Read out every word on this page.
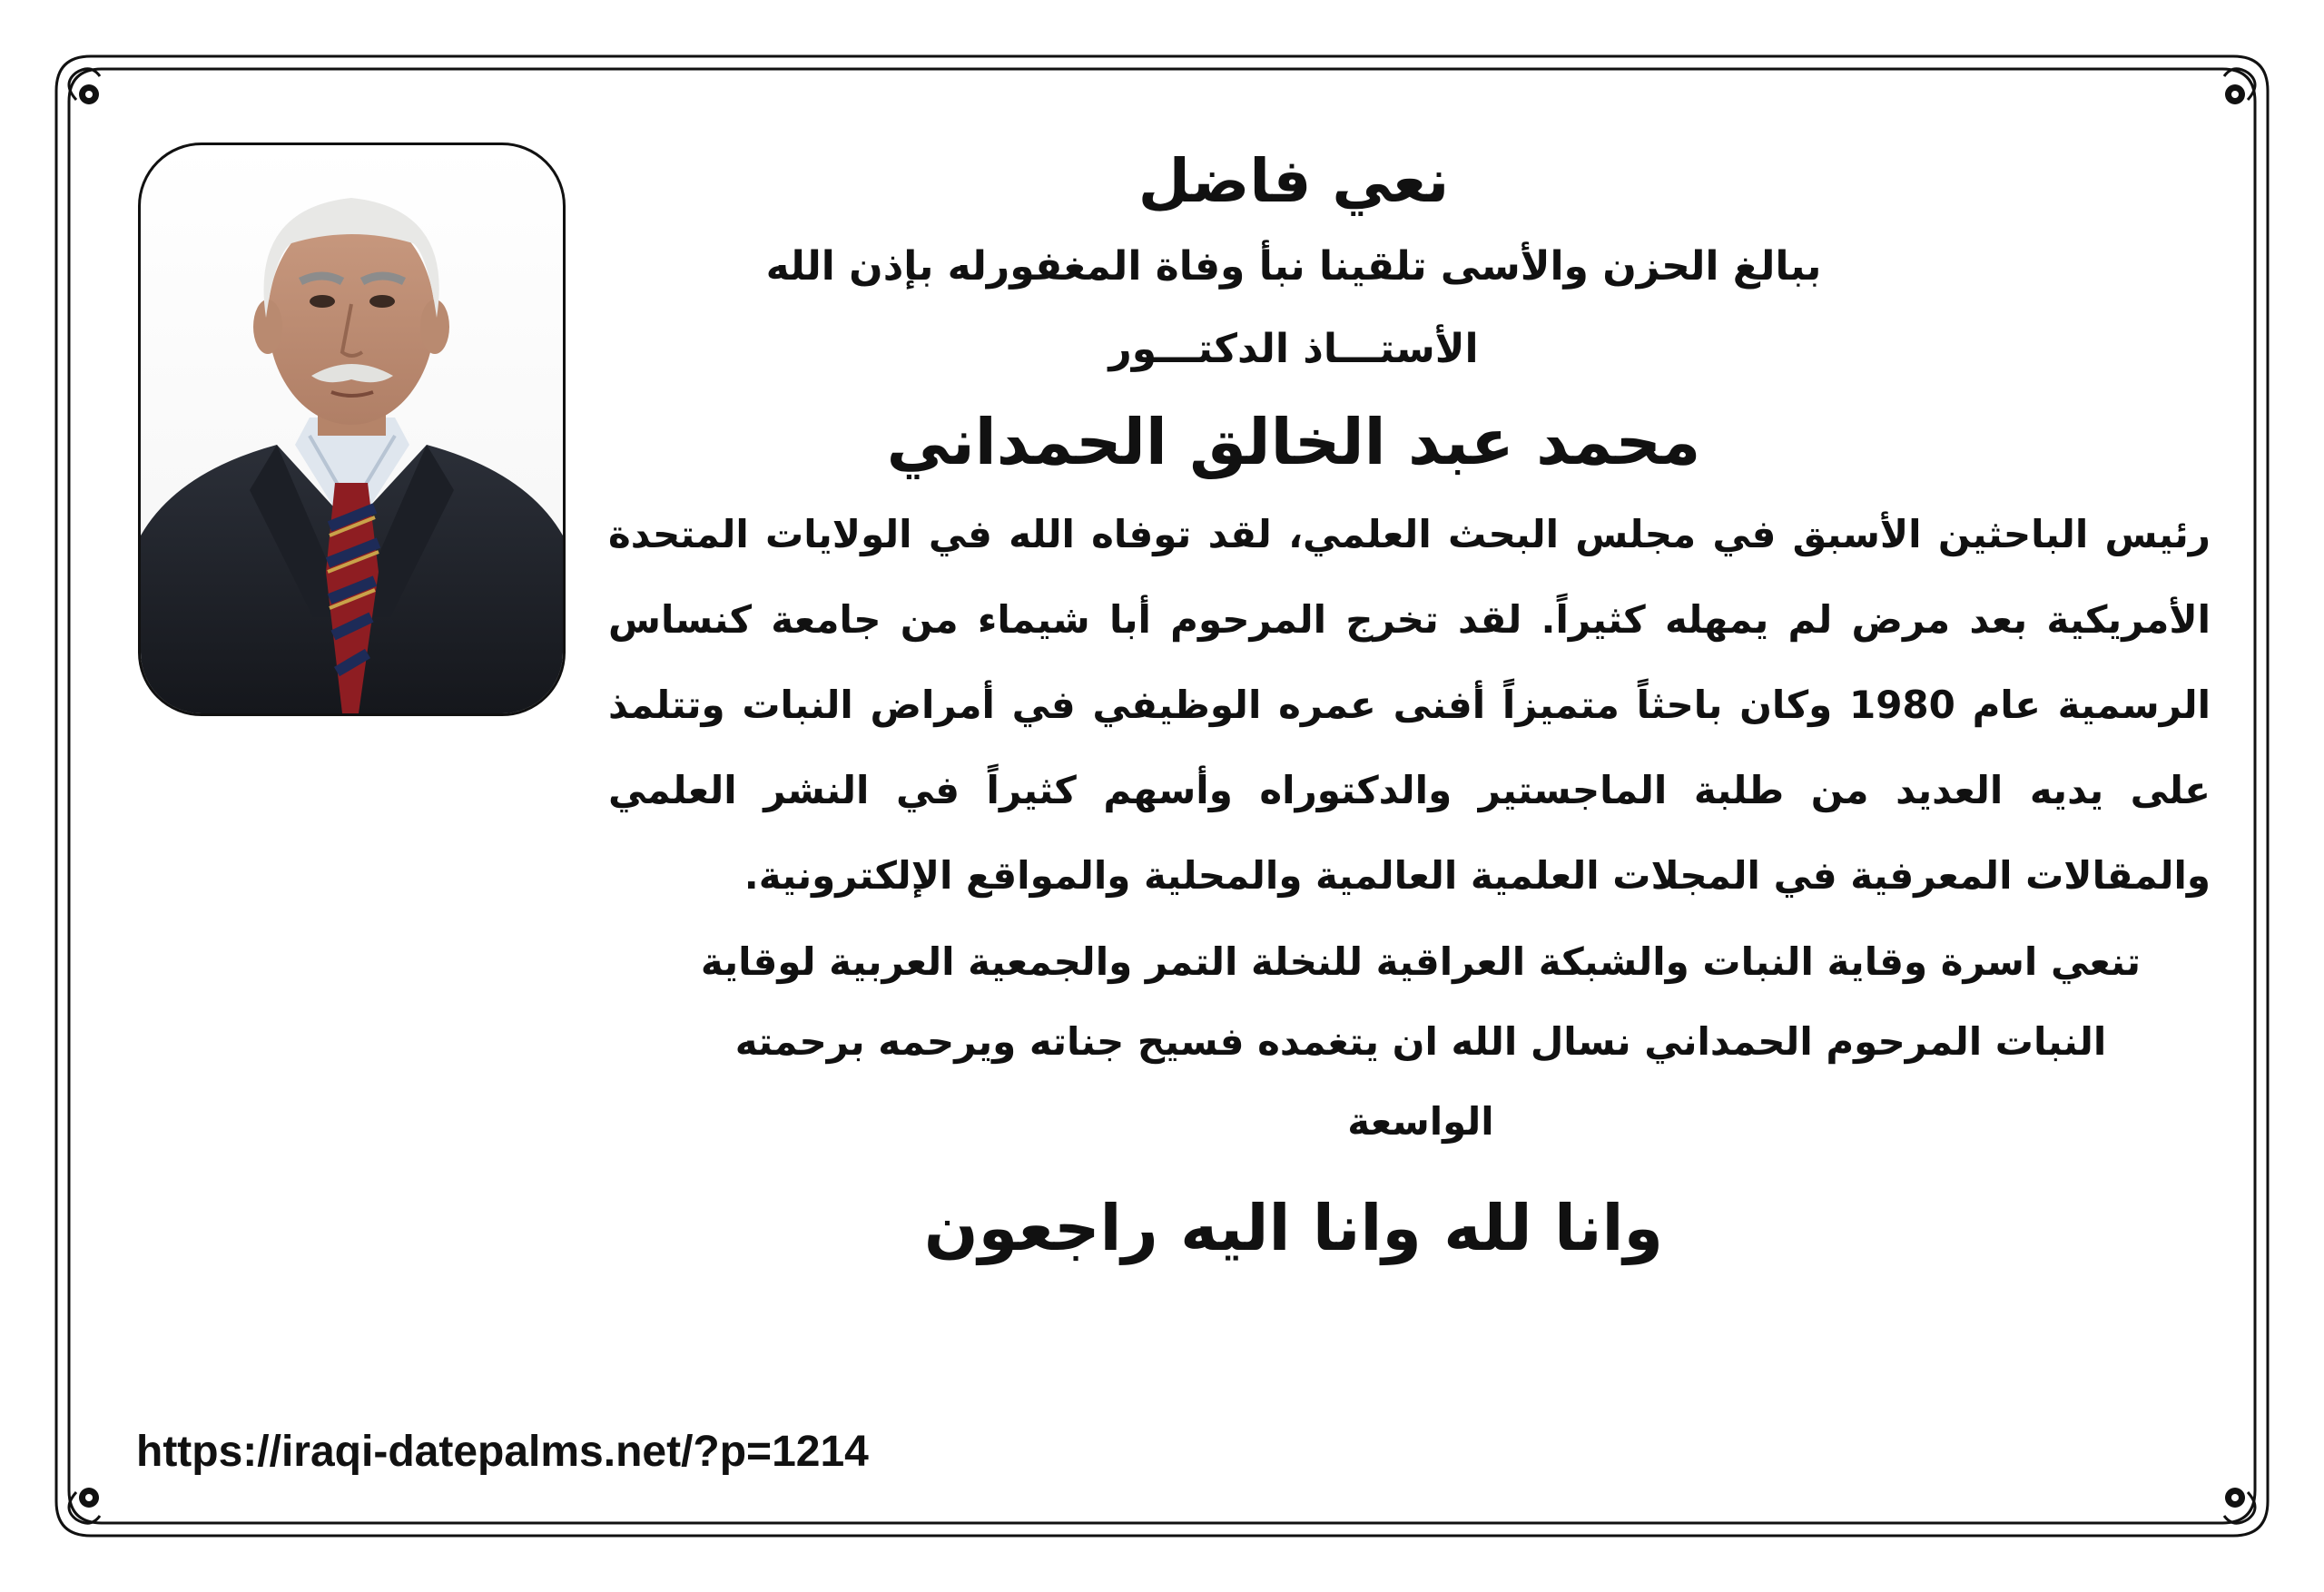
نعي فاضل
ببالغ الحزن والأسى تلقينا نبأ وفاة المغفورله بإذن الله
الأستـــاذ الدكتـــور
محمد عبد الخالق الحمداني
رئيس الباحثين الأسبق في مجلس البحث العلمي، لقد توفاه الله في الولايات المتحدة الأمريكية بعد مرض لم يمهله كثيراً. لقد تخرج المرحوم أبا شيماء من جامعة كنساس الرسمية عام 1980 وكان باحثاً متميزاً أفنى عمره الوظيفي في أمراض النبات وتتلمذ على يديه العديد من طلبة الماجستير والدكتوراه وأسهم كثيراً في النشر العلمي والمقالات المعرفية في المجلات العلمية العالمية والمحلية والمواقع الإلكترونية.
تنعي اسرة وقاية النبات والشبكة العراقية للنخلة التمر والجمعية العربية لوقاية النبات المرحوم الحمداني نسال الله ان يتغمده فسيح جناته ويرحمه برحمته الواسعة
وانا لله وانا اليه راجعون
https://iraqi-datepalms.net/?p=1214
